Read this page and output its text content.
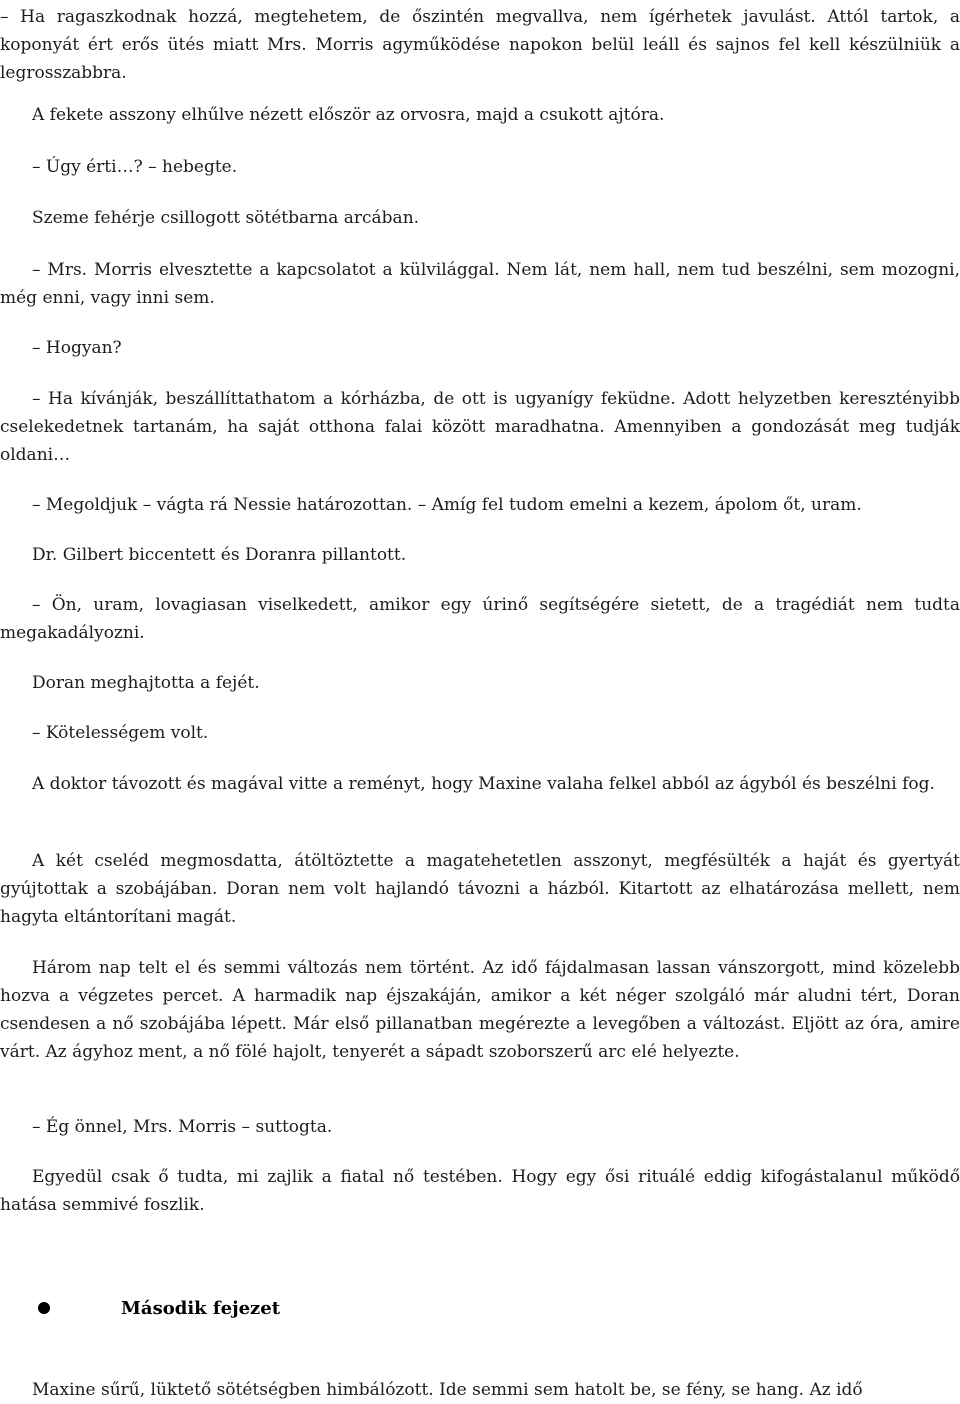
– Ha ragaszkodnak hozzá, megtehetem, de őszintén megvallva, nem ígérhetek javulást. Attól tartok, a koponyát ért erős ütés miatt Mrs. Morris agyműködése napokon belül leáll és sajnos fel kell készülniük a legrosszabbra.

A fekete asszony elhűlve nézett először az orvosra, majd a csukott ajtóra.

– Úgy érti…? – hebegte.

Szeme fehérje csillogott sötétbarna arcában.

– Mrs. Morris elvesztette a kapcsolatot a külvilággal. Nem lát, nem hall, nem tud beszélni, sem mozogni, még enni, vagy inni sem.

– Hogyan?

– Ha kívánják, beszállíttathatom a kórházba, de ott is ugyanígy feküdne. Adott helyzetben keresztényibb cselekedetnek tartanám, ha saját otthona falai között maradhatna. Amennyiben a gondozását meg tudják oldani…

– Megoldjuk – vágta rá Nessie határozottan. – Amíg fel tudom emelni a kezem, ápolom őt, uram.

Dr. Gilbert biccentett és Doranra pillantott.

– Ön, uram, lovagiasan viselkedett, amikor egy úrinő segítségére sietett, de a tragédiát nem tudta megakadályozni.

Doran meghajtotta a fejét.

– Kötelességem volt.

A doktor távozott és magával vitte a reményt, hogy Maxine valaha felkel abból az ágyból és beszélni fog.

A két cseléd megmosdatta, átöltöztette a magatehetetlen asszonyt, megfésülték a haját és gyertyát gyújtottak a szobájában. Doran nem volt hajlandó távozni a házból. Kitartott az elhatározása mellett, nem hagyta eltántorítani magát.

Három nap telt el és semmi változás nem történt. Az idő fájdalmasan lassan vánszorgott, mind közelebb hozva a végzetes percet. A harmadik nap éjszakáján, amikor a két néger szolgáló már aludni tért, Doran csendesen a nő szobájába lépett. Már első pillanatban megérezte a levegőben a változást. Eljött az óra, amire várt. Az ágyhoz ment, a nő fölé hajolt, tenyerét a sápadt szoborszerű arc elé helyezte.

– Ég önnel, Mrs. Morris – suttogta.

Egyedül csak ő tudta, mi zajlik a fiatal nő testében. Hogy egy ősi rituálé eddig kifogástalanul működő hatása semmivé foszlik.

Második fejezet
Maxine sűrű, lüktető sötétségben himbálózott. Ide semmi sem hatolt be, se fény, se hang. Az idő
